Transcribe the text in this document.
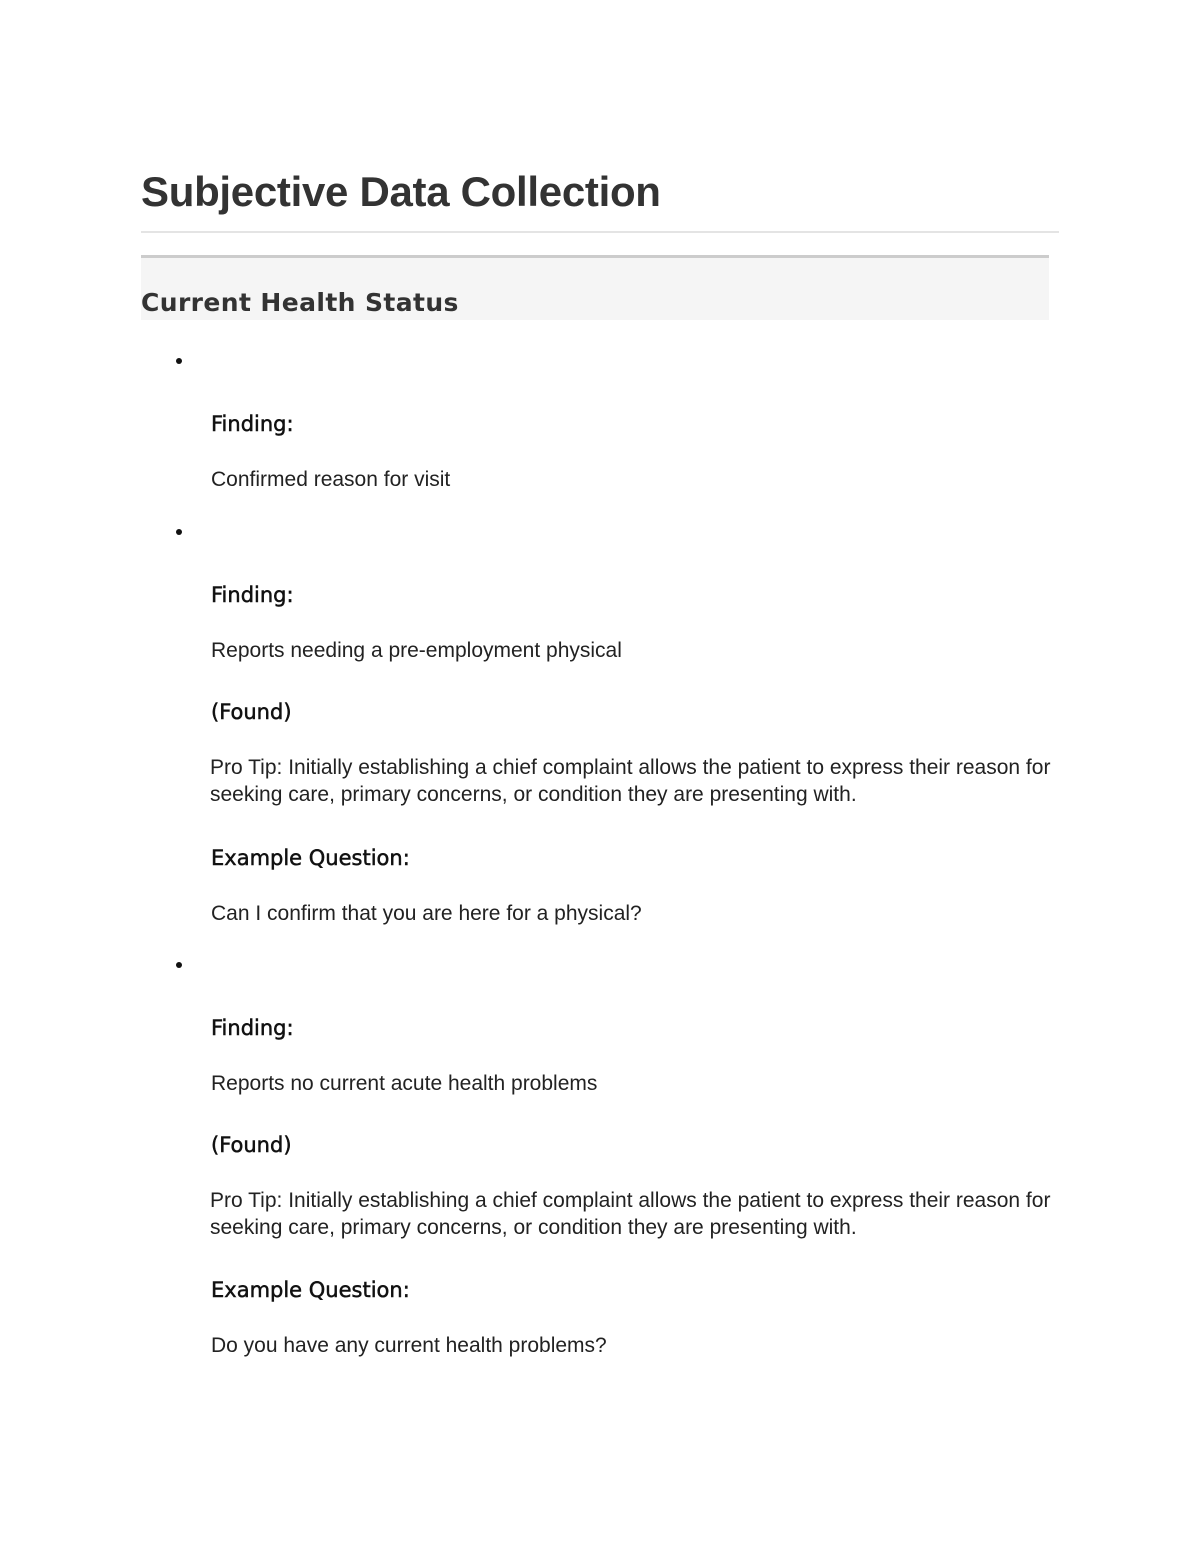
Subjective Data Collection
Current Health Status

Finding:

Confirmed reason for visit

Finding:

Reports needing a pre-employment physical

(Found)

Pro Tip: Initially establishing a chief complaint allows the patient to express their reason for seeking care, primary concerns, or condition they are presenting with.

Example Question:

Can I confirm that you are here for a physical?

Finding:

Reports no current acute health problems

(Found)

Pro Tip: Initially establishing a chief complaint allows the patient to express their reason for seeking care, primary concerns, or condition they are presenting with.

Example Question:

Do you have any current health problems?
